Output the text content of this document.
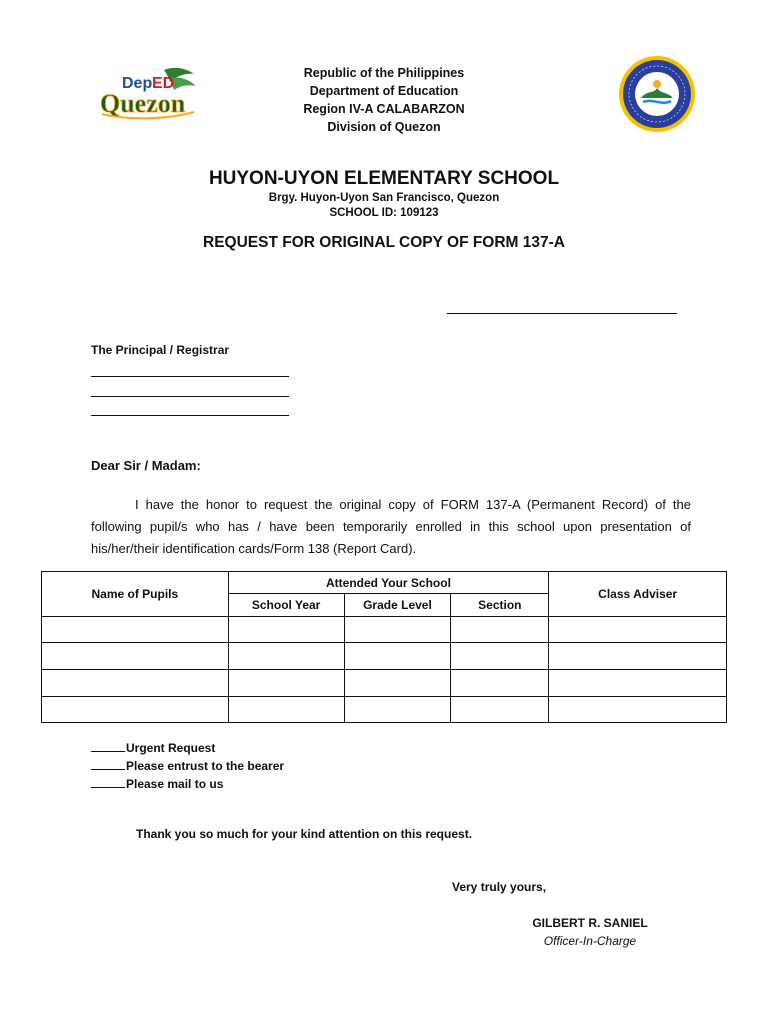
Dep ED
Quezon
Republic of the Philippines
Department of Education
Region IV-A CALABARZON
Division of Quezon
HUYON-UYON ELEMENTARY SCHOOL
Brgy. Huyon-Uyon San Francisco, Quezon
SCHOOL ID: 109123
REQUEST FOR ORIGINAL COPY OF FORM 137-A
The Principal / Registrar
Dear Sir / Madam:
I have the honor to request the original copy of FORM 137-A (Permanent Record) of the following pupil/s who has / have been temporarily enrolled in this school upon presentation of his/her/their identification cards/Form 138 (Report Card).
Name of Pupils	Attended Your School			Class Adviser
	School Year	Grade Level	Section	

Urgent Request
Please entrust to the bearer
Please mail to us
Thank you so much for your kind attention on this request.
Very truly yours,
GILBERT R. SANIEL
Officer-In-Charge
